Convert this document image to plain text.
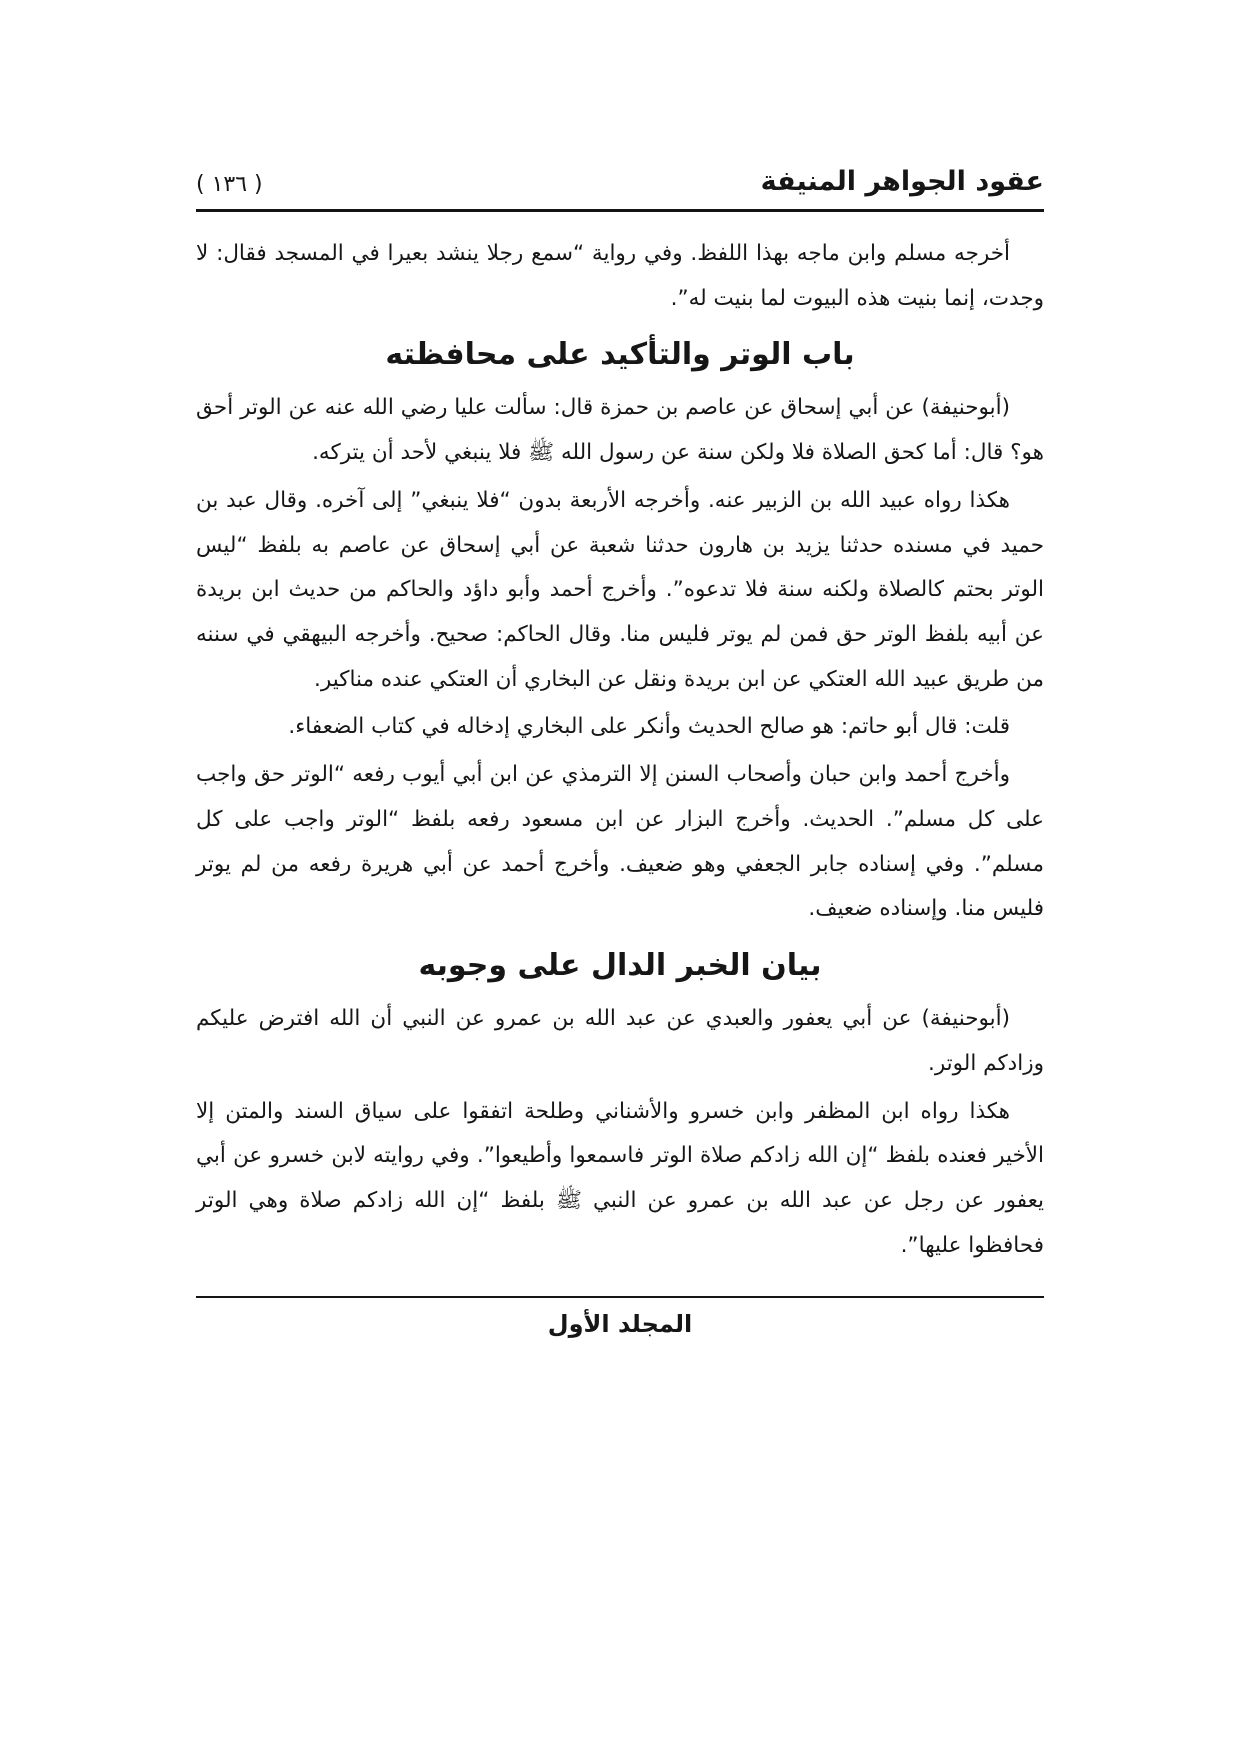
عقود الجواهر المنيفة
( ١٣٦ )

أخرجه مسلم وابن ماجه بهذا اللفظ. وفي رواية “سمع رجلا ينشد بعيرا في المسجد فقال: لا وجدت، إنما بنيت هذه البيوت لما بنيت له”.

باب الوتر والتأكيد على محافظته

(أبوحنيفة) عن أبي إسحاق عن عاصم بن حمزة قال: سألت عليا رضي الله عنه عن الوتر أحق هو؟ قال: أما كحق الصلاة فلا ولكن سنة عن رسول الله ﷺ فلا ينبغي لأحد أن يتركه.

هكذا رواه عبيد الله بن الزبير عنه. وأخرجه الأربعة بدون “فلا ينبغي” إلى آخره. وقال عبد بن حميد في مسنده حدثنا يزيد بن هارون حدثنا شعبة عن أبي إسحاق عن عاصم به بلفظ “ليس الوتر بحتم كالصلاة ولكنه سنة فلا تدعوه”. وأخرج أحمد وأبو داؤد والحاكم من حديث ابن بريدة عن أبيه بلفظ الوتر حق فمن لم يوتر فليس منا. وقال الحاكم: صحيح. وأخرجه البيهقي في سننه من طريق عبيد الله العتكي عن ابن بريدة ونقل عن البخاري أن العتكي عنده مناكير.

قلت: قال أبو حاتم: هو صالح الحديث وأنكر على البخاري إدخاله في كتاب الضعفاء.

وأخرج أحمد وابن حبان وأصحاب السنن إلا الترمذي عن ابن أبي أيوب رفعه “الوتر حق واجب على كل مسلم”. الحديث. وأخرج البزار عن ابن مسعود رفعه بلفظ “الوتر واجب على كل مسلم”. وفي إسناده جابر الجعفي وهو ضعيف. وأخرج أحمد عن أبي هريرة رفعه من لم يوتر فليس منا. وإسناده ضعيف.

بيان الخبر الدال على وجوبه

(أبوحنيفة) عن أبي يعفور والعبدي عن عبد الله بن عمرو عن النبي أن الله افترض عليكم وزادكم الوتر.

هكذا رواه ابن المظفر وابن خسرو والأشناني وطلحة اتفقوا على سياق السند والمتن إلا الأخير فعنده بلفظ “إن الله زادكم صلاة الوتر فاسمعوا وأطيعوا”. وفي روايته لابن خسرو عن أبي يعفور عن رجل عن عبد الله بن عمرو عن النبي ﷺ بلفظ “إن الله زادكم صلاة وهي الوتر فحافظوا عليها”.

المجلد الأول
